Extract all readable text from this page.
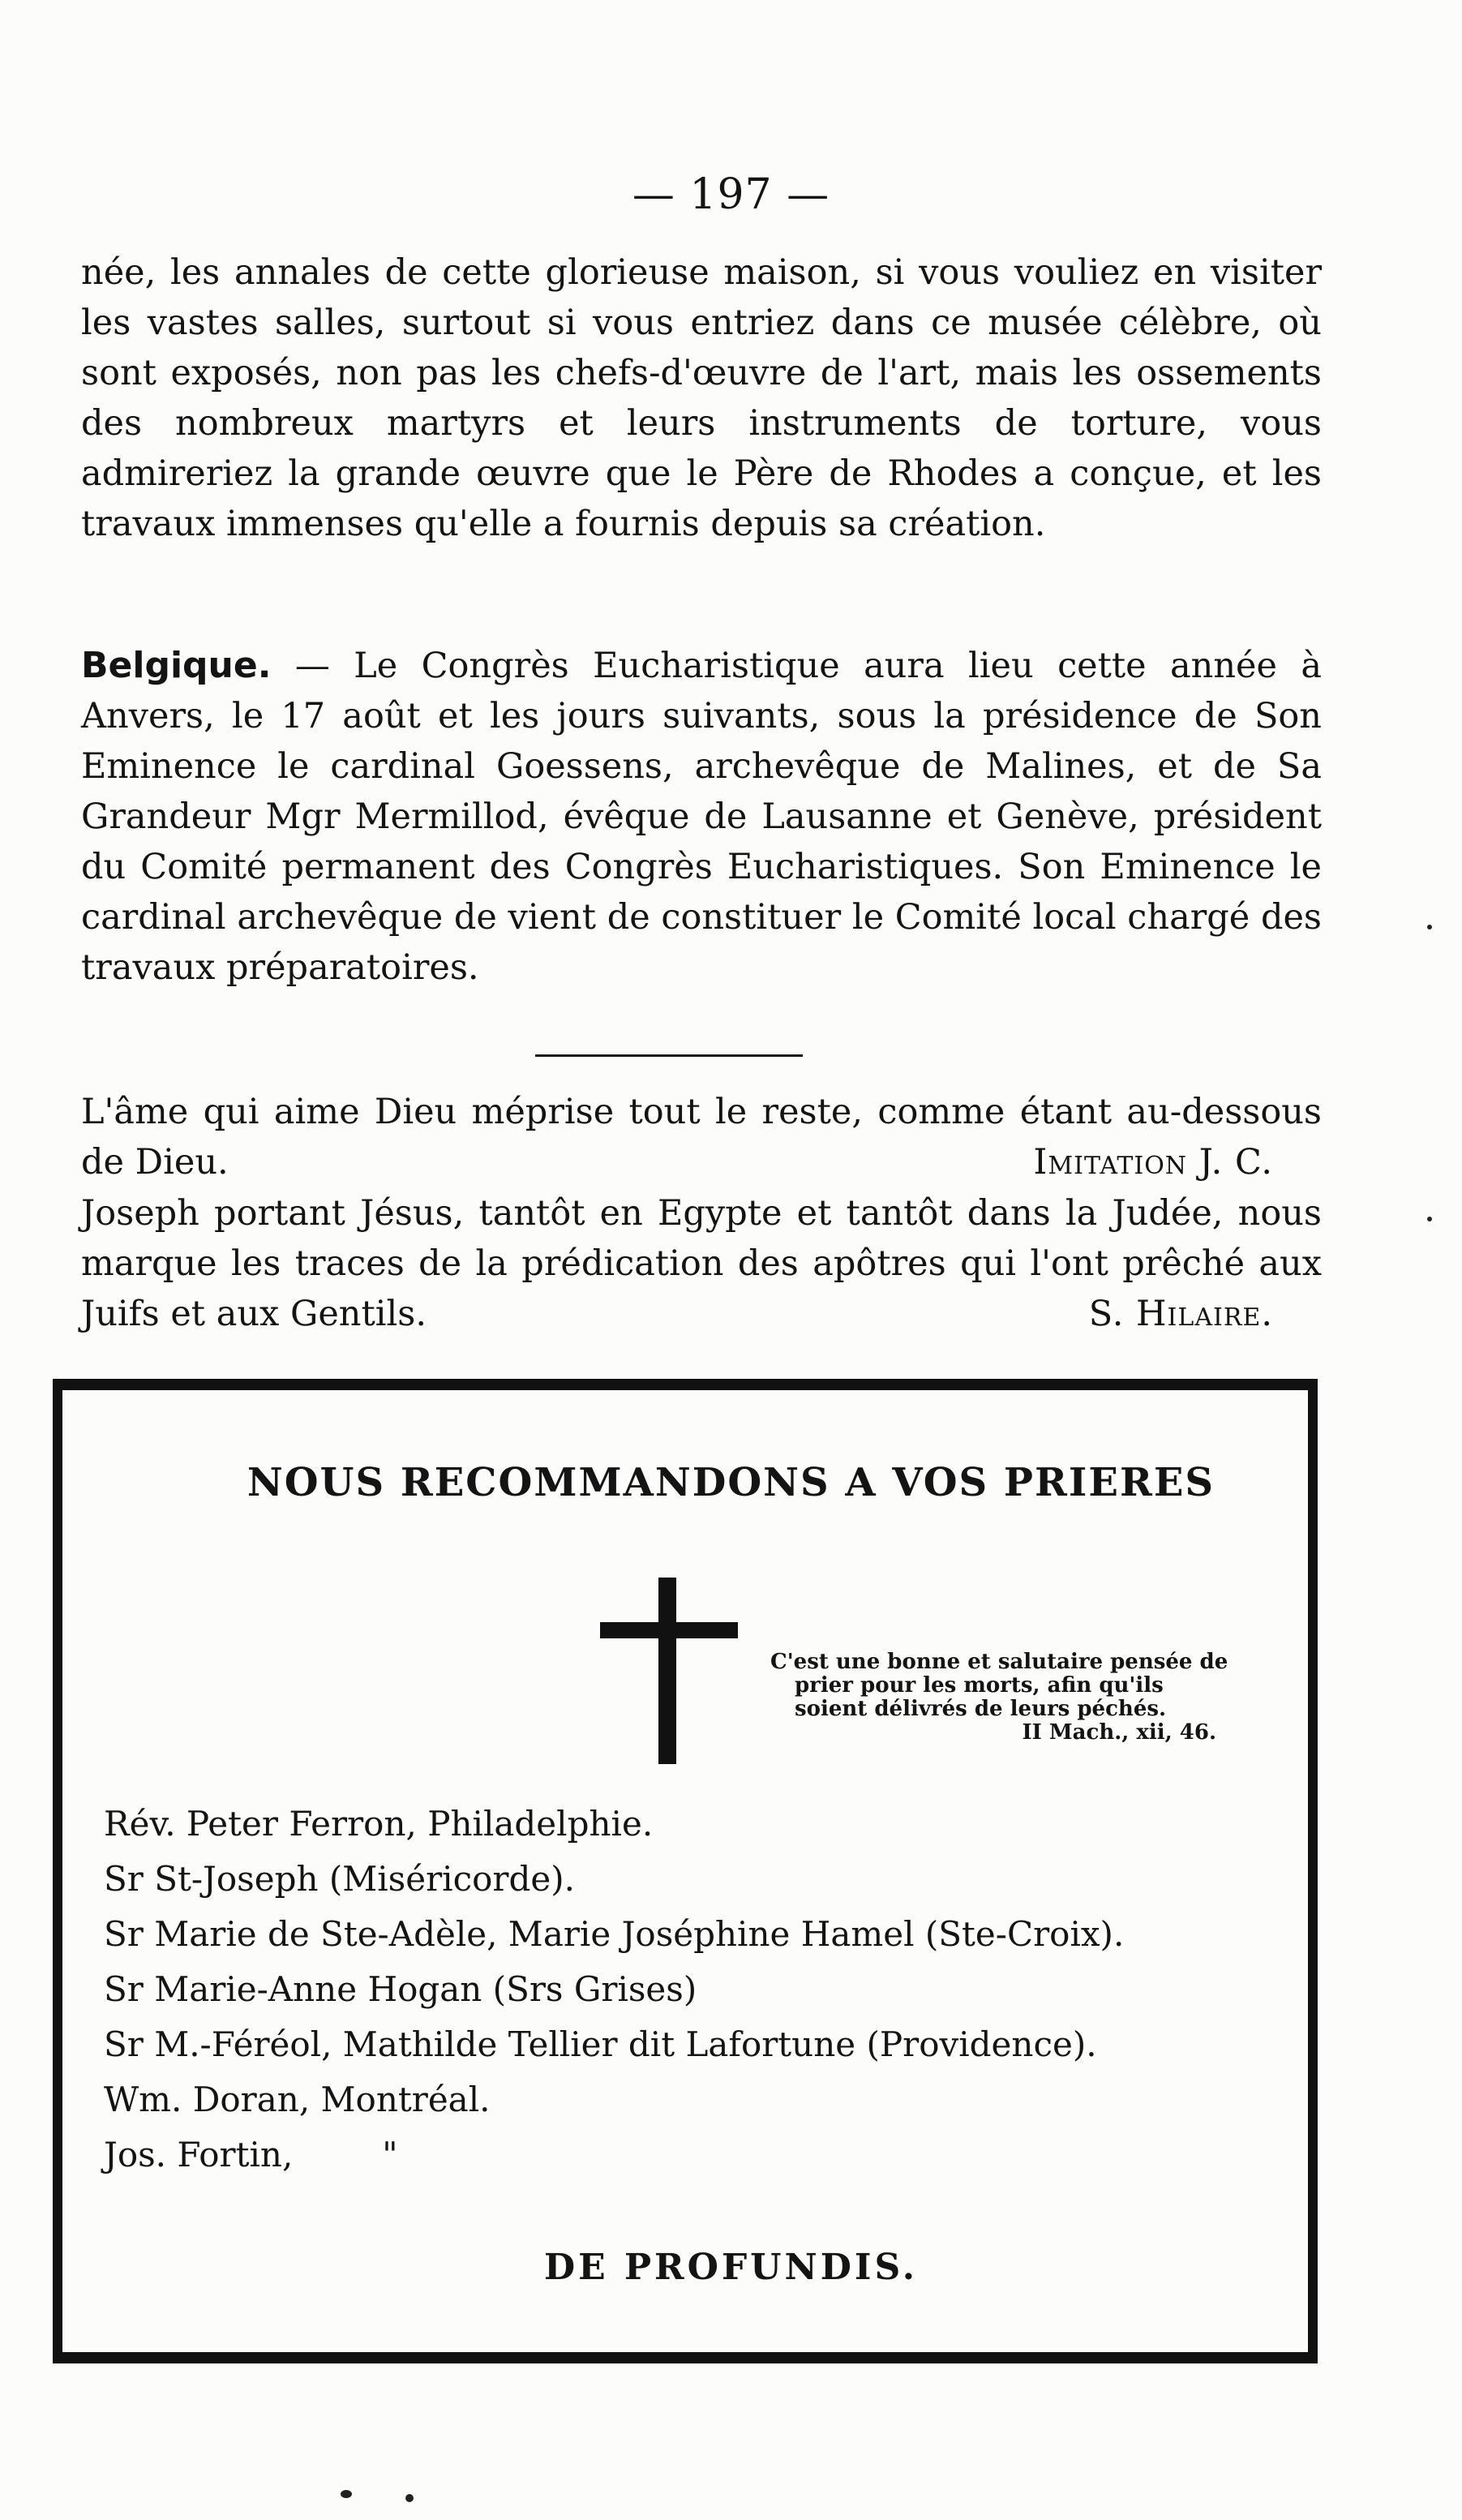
— 197 —
née, les annales de cette glorieuse maison, si vous vouliez en visiter les vastes salles, surtout si vous entriez dans ce musée célèbre, où sont exposés, non pas les chefs-d'œuvre de l'art, mais les ossements des nombreux martyrs et leurs instruments de torture, vous admireriez la grande œuvre que le Père de Rhodes a conçue, et les travaux immenses qu'elle a fournis depuis sa création.
Belgique. — Le Congrès Eucharistique aura lieu cette année à Anvers, le 17 août et les jours suivants, sous la présidence de Son Eminence le cardinal Goessens, archevêque de Malines, et de Sa Grandeur Mgr Mermillod, évêque de Lausanne et Genève, président du Comité permanent des Congrès Eucharistiques. Son Eminence le cardinal archevêque de vient de constituer le Comité local chargé des travaux préparatoires.
L'âme qui aime Dieu méprise tout le reste, comme étant au-dessous de Dieu.	Imitation J. C.
Joseph portant Jésus, tantôt en Egypte et tantôt dans la Judée, nous marque les traces de la prédication des apôtres qui l'ont prêché aux Juifs et aux Gentils.	S. Hilaire.
NOUS RECOMMANDONS A VOS PRIERES
C'est une bonne et salutaire pensée de
prier pour les morts, afin qu'ils
soient délivrés de leurs péchés.
II Mach., xii, 46.
Rév. Peter Ferron, Philadelphie.
Sr St-Joseph (Miséricorde).
Sr Marie de Ste-Adèle, Marie Joséphine Hamel (Ste-Croix).
Sr Marie-Anne Hogan (Srs Grises)
Sr M.-Féréol, Mathilde Tellier dit Lafortune (Providence).
Wm. Doran, Montréal.
Jos. Fortin,	"
DE PROFUNDIS.
